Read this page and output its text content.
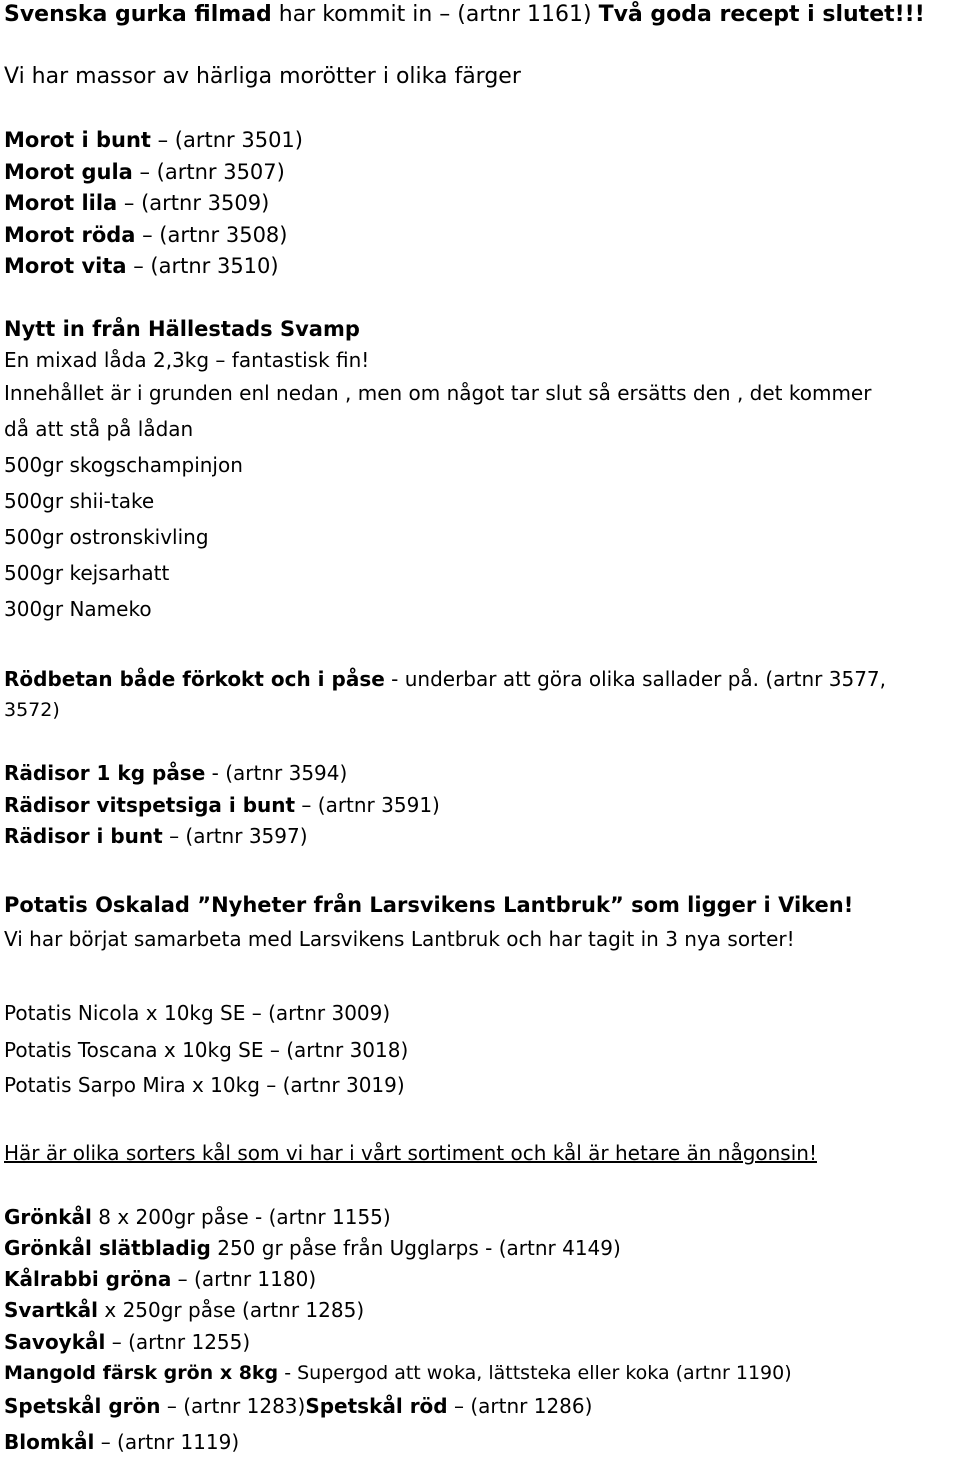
Svenska gurka filmad har kommit in – (artnr 1161) Två goda recept i slutet!!!
Vi har massor av härliga morötter i olika färger
Morot i bunt – (artnr 3501)
Morot gula – (artnr 3507)
Morot lila – (artnr 3509)
Morot röda – (artnr 3508)
Morot vita – (artnr 3510)
Nytt in från Hällestads Svamp
En mixad låda 2,3kg – fantastisk fin!
Innehållet är i grunden enl nedan , men om något tar slut så ersätts den , det kommer
då att stå på lådan
500gr skogschampinjon
500gr shii-take
500gr ostronskivling
500gr kejsarhatt
300gr Nameko
Rödbetan både förkokt och i påse - underbar att göra olika sallader på. (artnr 3577,
3572)
Rädisor 1 kg påse - (artnr 3594)
Rädisor vitspetsiga i bunt – (artnr 3591)
Rädisor i bunt – (artnr 3597)
Potatis Oskalad ”Nyheter från Larsvikens Lantbruk” som ligger i Viken!
Vi har börjat samarbeta med Larsvikens Lantbruk och har tagit in 3 nya sorter!
Potatis Nicola x 10kg SE – (artnr 3009)
Potatis Toscana x 10kg SE – (artnr 3018)
Potatis Sarpo Mira x 10kg – (artnr 3019)
Här är olika sorters kål som vi har i vårt sortiment och kål är hetare än någonsin!
Grönkål 8 x 200gr påse - (artnr 1155)
Grönkål slätbladig 250 gr påse från Ugglarps - (artnr 4149)
Kålrabbi gröna – (artnr 1180)
Svartkål x 250gr påse (artnr 1285)
Savoykål – (artnr 1255)
Mangold färsk grön x 8kg - Supergod att woka, lättsteka eller koka (artnr 1190)
Spetskål grön – (artnr 1283)Spetskål röd – (artnr 1286)
Blomkål – (artnr 1119)
